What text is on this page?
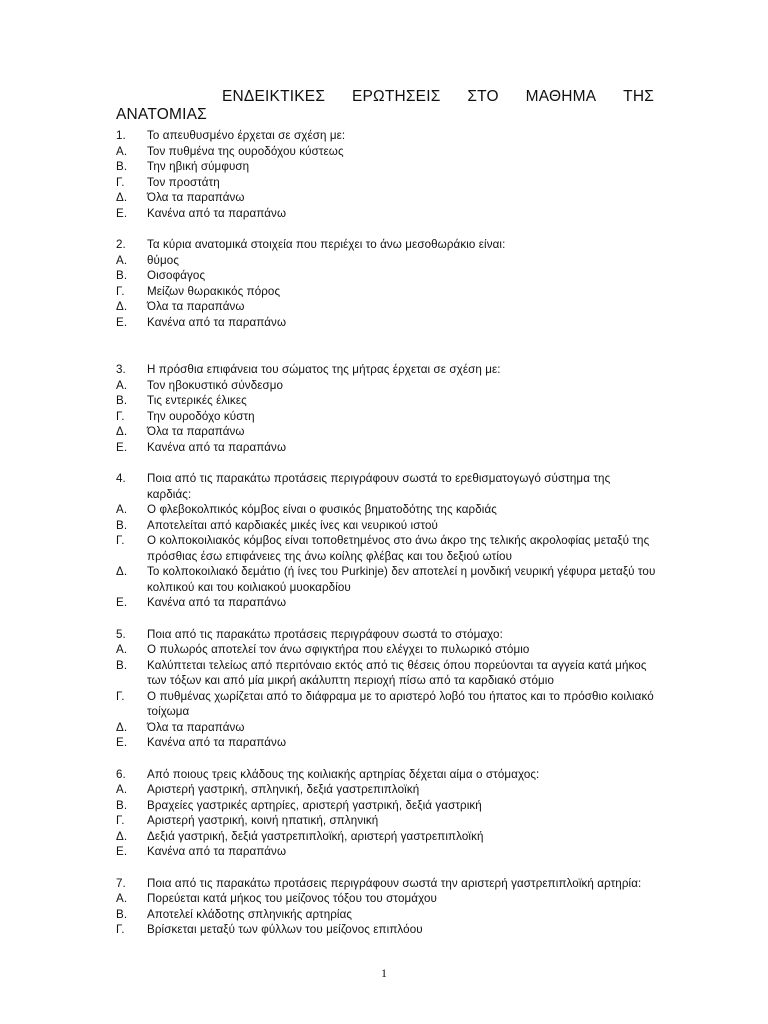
ΕΝΔΕΙΚΤΙΚΕΣ ΕΡΩΤΗΣΕΙΣ ΣΤΟ ΜΑΘΗΜΑ ΤΗΣ
ΑΝΑΤΟΜΙΑΣ
1.	Το απευθυσμένο έρχεται σε σχέση με:
Α.	Τον πυθμένα της ουροδόχου κύστεως
Β.	Την ηβική σύμφυση
Γ.	Τον προστάτη
Δ.	Όλα τα παραπάνω
Ε.	Κανένα από τα παραπάνω
2.	Τα κύρια ανατομικά στοιχεία που περιέχει το άνω μεσοθωράκιο είναι:
Α.	θύμος
Β.	Οισοφάγος
Γ.	Μείζων θωρακικός πόρος
Δ.	Όλα τα παραπάνω
Ε.	Κανένα από τα παραπάνω
3.	Η πρόσθια επιφάνεια του σώματος της μήτρας έρχεται σε σχέση με:
Α.	Τον ηβοκυστικό σύνδεσμο
Β.	Τις εντερικές έλικες
Γ.	Την ουροδόχο κύστη
Δ.	Όλα τα παραπάνω
Ε.	Κανένα από τα παραπάνω
4.	Ποια από τις παρακάτω προτάσεις περιγράφουν σωστά το ερεθισματογωγό σύστημα της καρδιάς:
Α.	Ο φλεβοκολπικός κόμβος είναι ο φυσικός βηματοδότης της καρδιάς
Β.	Αποτελείται από καρδιακές μικές ίνες και νευρικού ιστού
Γ.	Ο κολποκοιλιακός κόμβος είναι τοποθετημένος στο άνω άκρο της τελικής ακρολοφίας μεταξύ της πρόσθιας έσω επιφάνειες της άνω κοίλης φλέβας και του δεξιού ωτίου
Δ.	Το κολποκοιλιακό δεμάτιο (ή ίνες του Purkinje) δεν αποτελεί η μονδική νευρική γέφυρα μεταξύ του κολπικού και του κοιλιακού μυοκαρδίου
Ε.	Κανένα από τα παραπάνω
5.	Ποια από τις παρακάτω προτάσεις περιγράφουν σωστά το στόμαχο:
Α.	Ο πυλωρός αποτελεί τον άνω σφιγκτήρα που ελέγχει το πυλωρικό στόμιο
Β.	Καλύπτεται τελείως από περιτόναιο εκτός από τις θέσεις όπου πορεύονται τα αγγεία κατά μήκος των τόξων και από μία μικρή ακάλυπτη περιοχή πίσω από τα καρδιακό στόμιο
Γ.	Ο πυθμένας χωρίζεται από το διάφραμα με το αριστερό λοβό του ήπατος και το πρόσθιο κοιλιακό τοίχωμα
Δ.	Όλα τα παραπάνω
Ε.	Κανένα από τα παραπάνω
6.	Από ποιους τρεις κλάδους της κοιλιακής αρτηρίας δέχεται αίμα ο στόμαχος:
Α.	Αριστερή γαστρική, σπληνική, δεξιά γαστρεπιπλοϊκή
Β.	Βραχείες γαστρικές αρτηρίες, αριστερή γαστρική, δεξιά γαστρική
Γ.	Αριστερή γαστρική, κοινή ηπατική, σπληνική
Δ.	Δεξιά γαστρική, δεξιά γαστρεπιπλοϊκή, αριστερή γαστρεπιπλοϊκή
Ε.	Κανένα από τα παραπάνω
7.	Ποια από τις παρακάτω προτάσεις περιγράφουν σωστά την αριστερή γαστρεπιπλοϊκή αρτηρία:
Α.	Πορεύεται κατά μήκος του μείζονος τόξου του στομάχου
Β.	Αποτελεί κλάδοτης σπληνικής αρτηρίας
Γ.	Βρίσκεται μεταξύ των φύλλων του μείζονος επιπλόου
1
